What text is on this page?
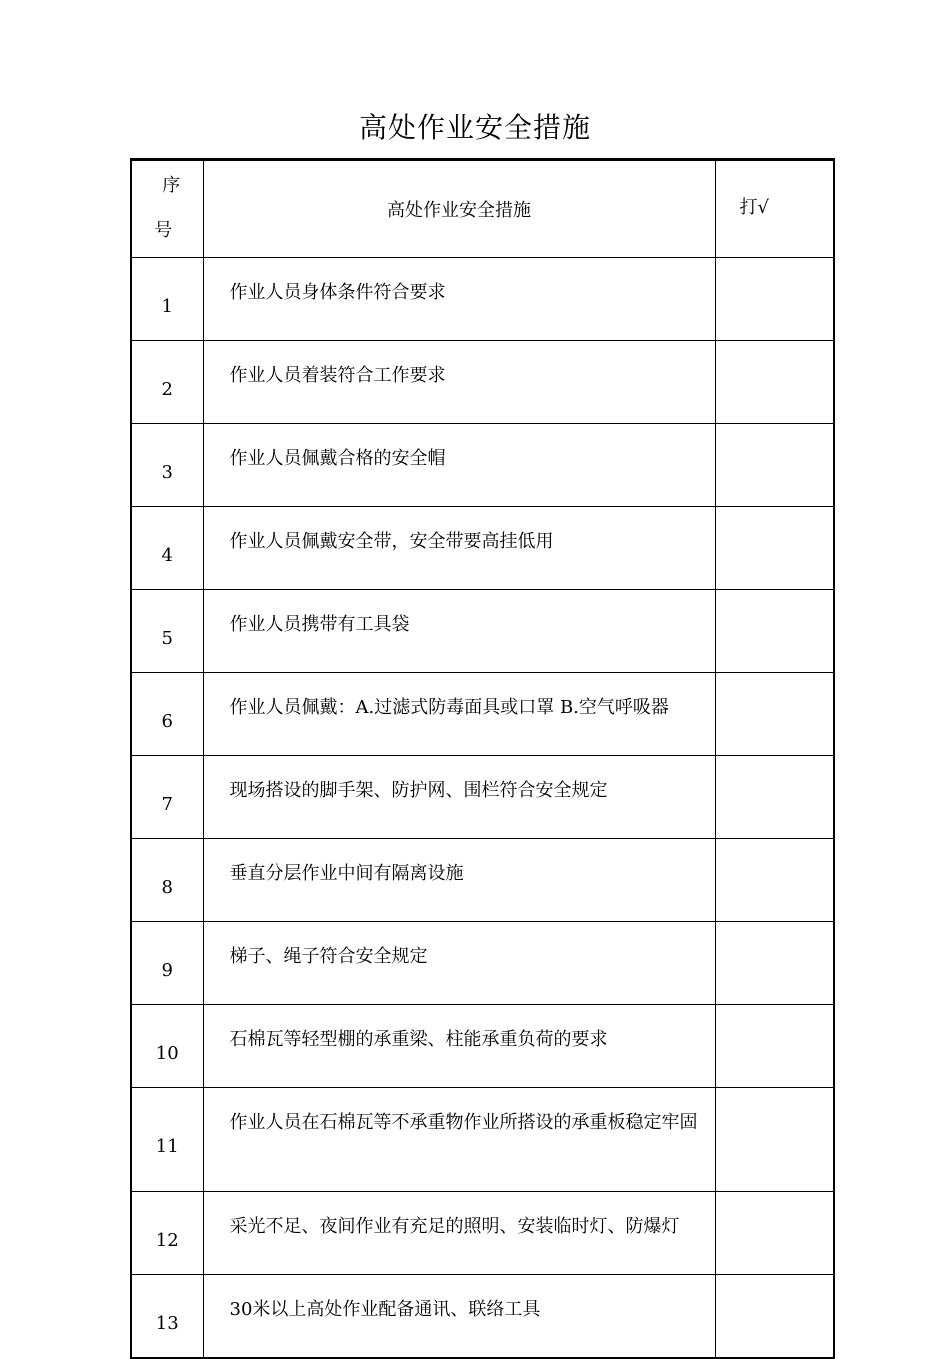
高处作业安全措施
序
号	高处作业安全措施	打√
1	作业人员身体条件符合要求	
2	作业人员着装符合工作要求	
3	作业人员佩戴合格的安全帽	
4	作业人员佩戴安全带，安全带要高挂低用	
5	作业人员携带有工具袋	
6	作业人员佩戴：A.过滤式防毒面具或口罩 B.空气呼吸器	
7	现场搭设的脚手架、防护网、围栏符合安全规定	
8	垂直分层作业中间有隔离设施	
9	梯子、绳子符合安全规定	
10	石棉瓦等轻型棚的承重梁、柱能承重负荷的要求	
11	作业人员在石棉瓦等不承重物作业所搭设的承重板稳定牢固	
12	采光不足、夜间作业有充足的照明、安装临时灯、防爆灯	
13	30米以上高处作业配备通讯、联络工具	
